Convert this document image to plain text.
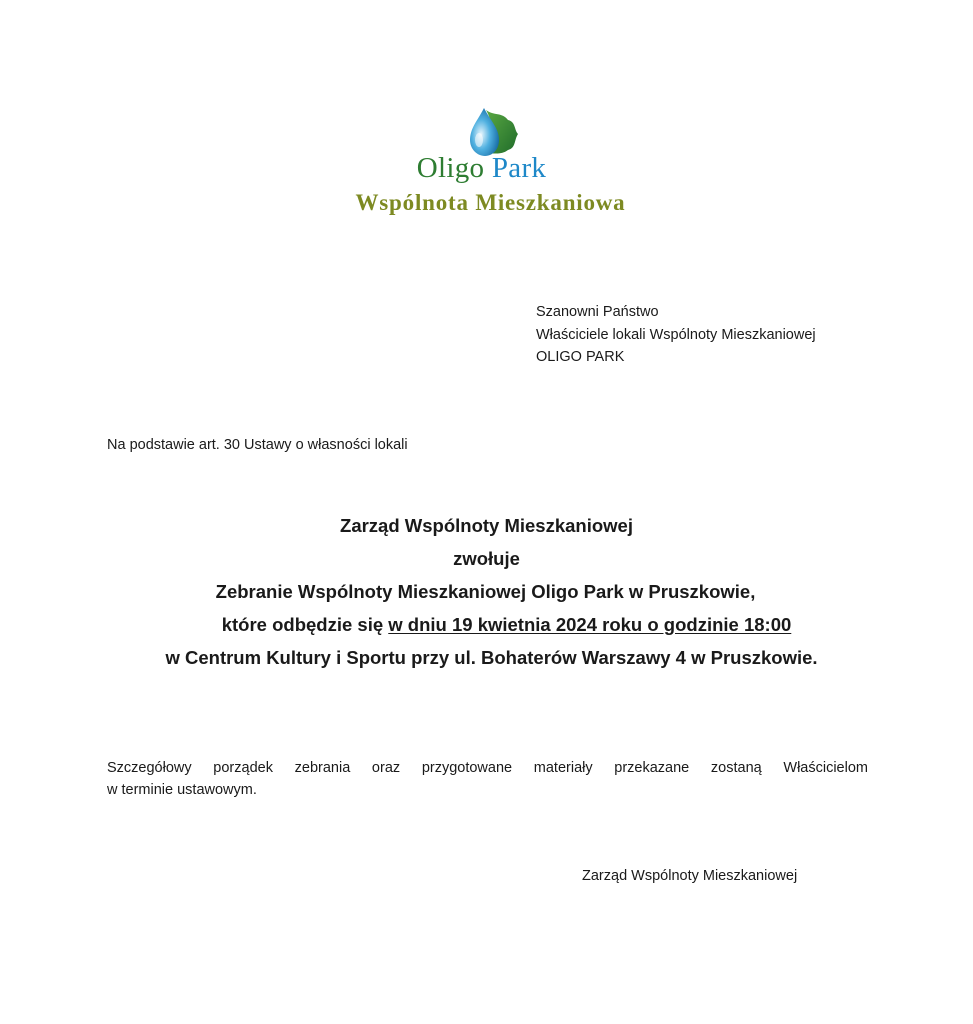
Oligo Park
Wspólnota Mieszkaniowa
Szanowni Państwo
Właściciele lokali Wspólnoty Mieszkaniowej
OLIGO PARK
Na podstawie art. 30 Ustawy o własności lokali
Zarząd Wspólnoty Mieszkaniowej
zwołuje
Zebranie Wspólnoty Mieszkaniowej Oligo Park w Pruszkowie,
które odbędzie się w dniu 19 kwietnia 2024 roku o godzinie 18:00
w Centrum Kultury i Sportu przy ul. Bohaterów Warszawy 4 w Pruszkowie.
Szczegółowy porządek zebrania oraz przygotowane materiały przekazane zostaną Właścicielom
w terminie ustawowym.
Zarząd Wspólnoty Mieszkaniowej
